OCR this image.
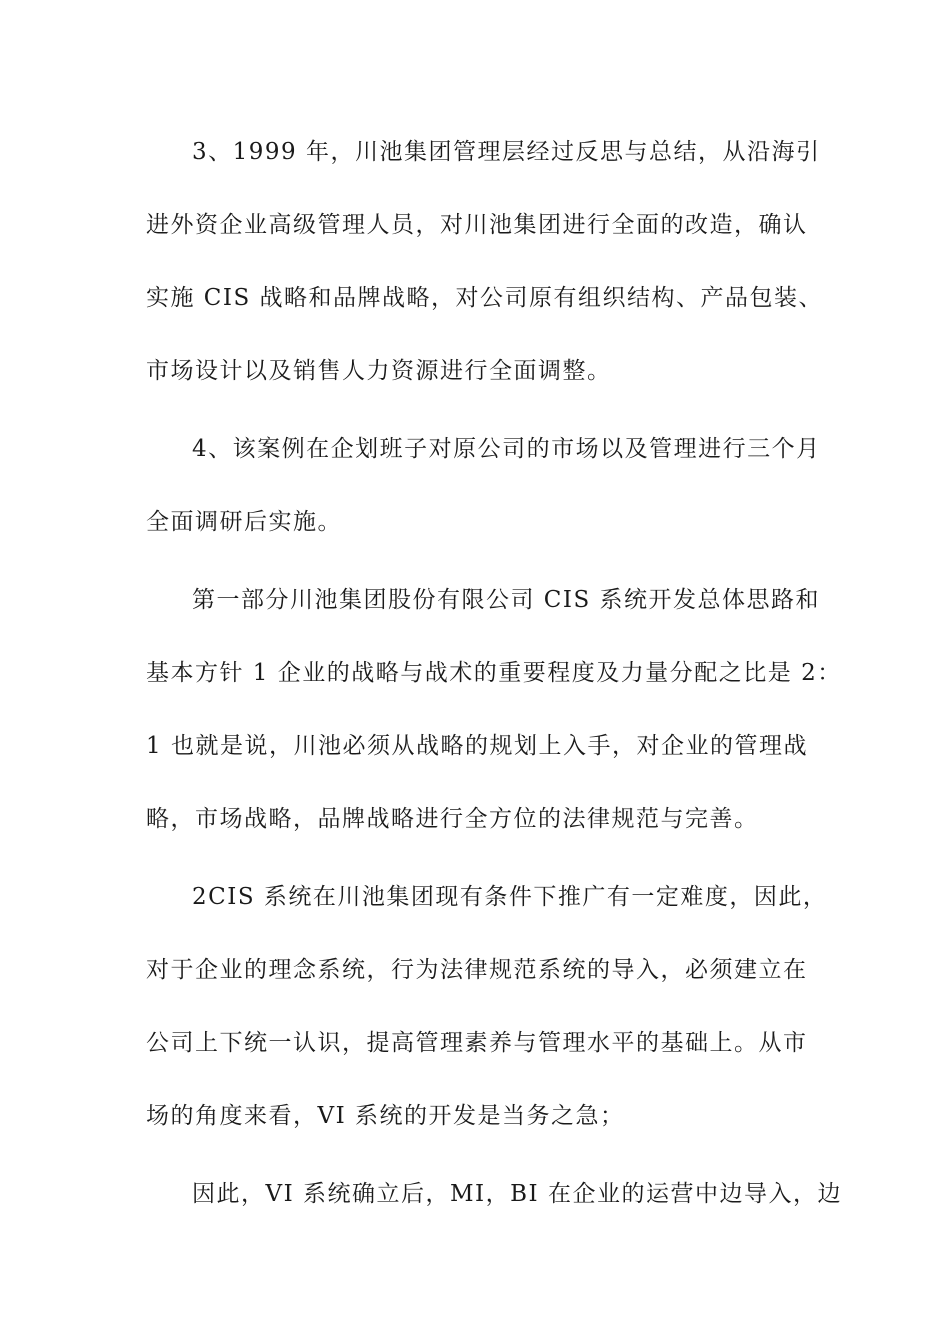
3、1999 年，川池集团管理层经过反思与总结，从沿海引
进外资企业高级管理人员，对川池集团进行全面的改造，确认
实施 CIS 战略和品牌战略，对公司原有组织结构、产品包装、
市场设计以及销售人力资源进行全面调整。
4、该案例在企划班子对原公司的市场以及管理进行三个月
全面调研后实施。
第一部分川池集团股份有限公司 CIS 系统开发总体思路和
基本方针 1 企业的战略与战术的重要程度及力量分配之比是 2：
1 也就是说，川池必须从战略的规划上入手，对企业的管理战
略，市场战略，品牌战略进行全方位的法律规范与完善。
2CIS 系统在川池集团现有条件下推广有一定难度，因此，
对于企业的理念系统，行为法律规范系统的导入，必须建立在
公司上下统一认识，提高管理素养与管理水平的基础上。从市
场的角度来看，VI 系统的开发是当务之急；
因此，VI 系统确立后，MI，BI 在企业的运营中边导入，边
